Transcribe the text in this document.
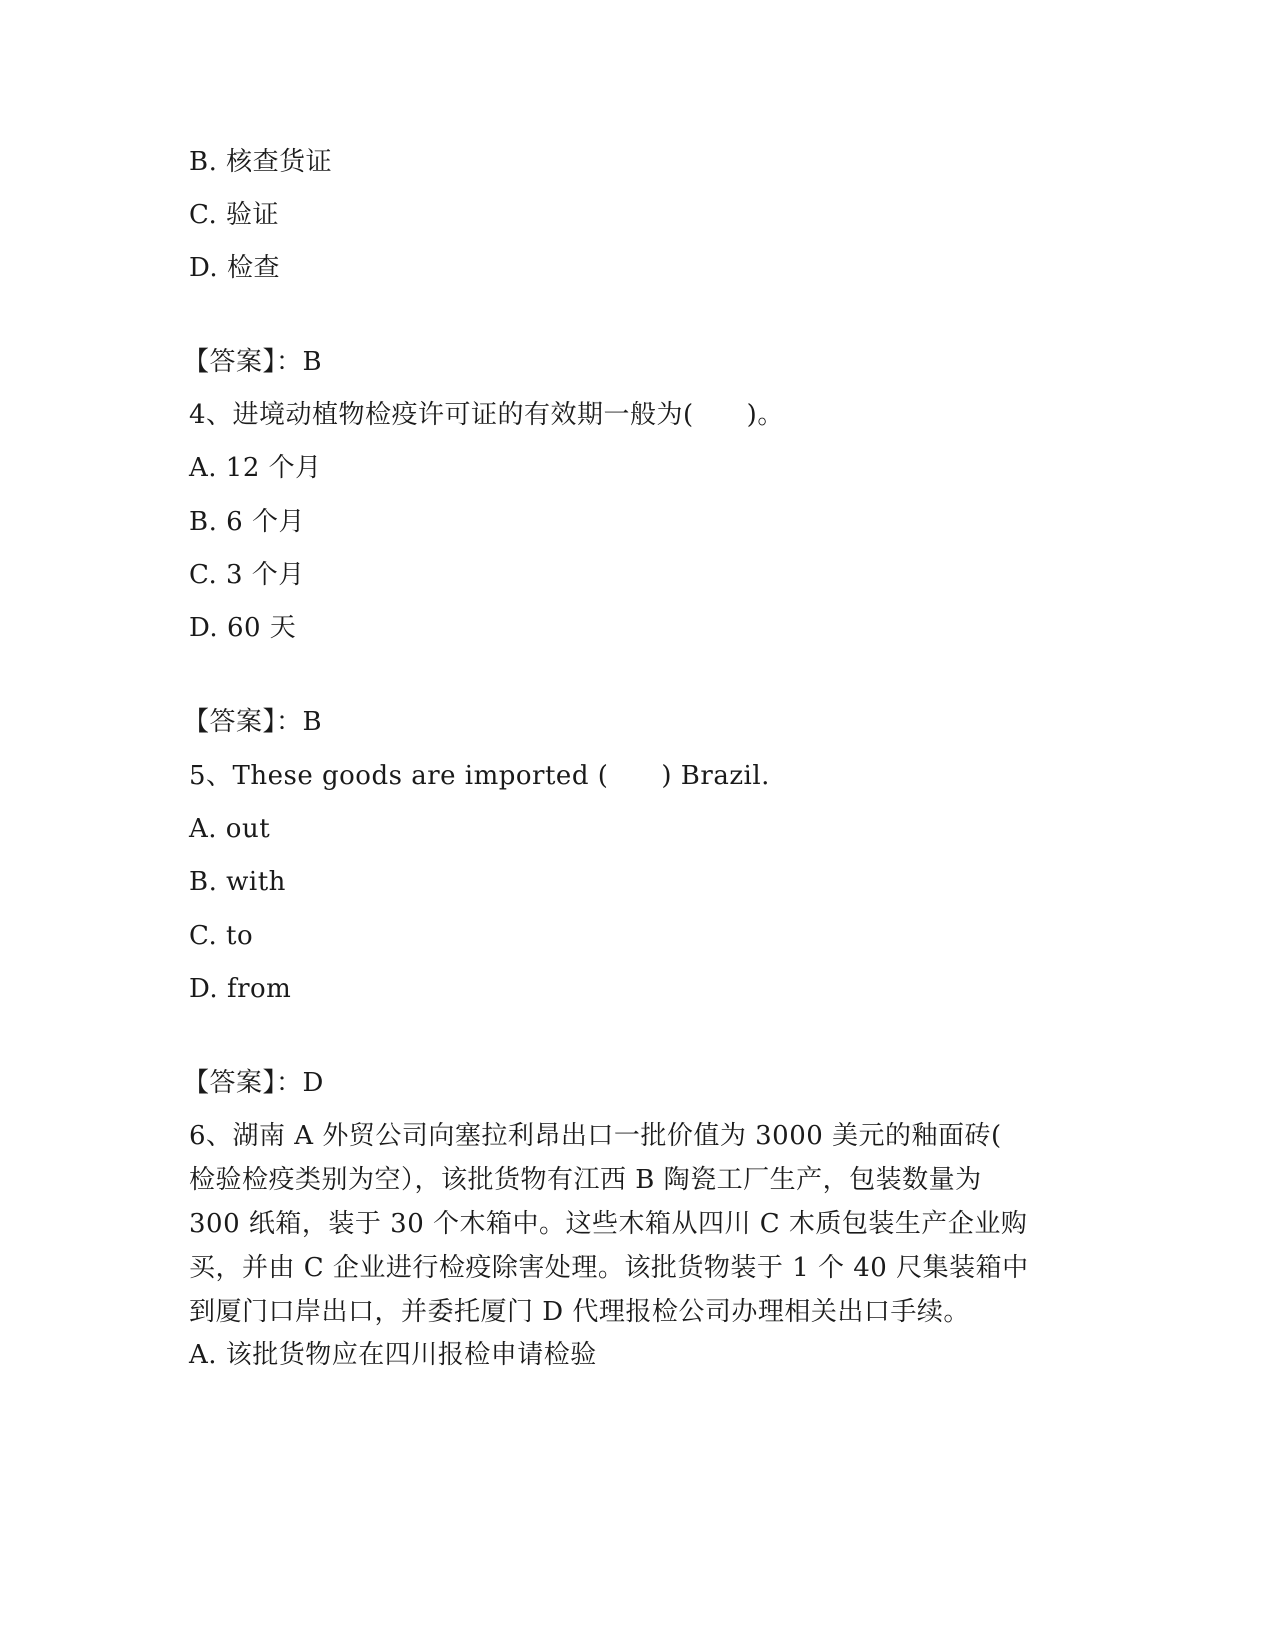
B. 核查货证
C. 验证
D. 检查
【答案】：B
4、进境动植物检疫许可证的有效期一般为(　　)。
A. 12 个月
B. 6 个月
C. 3 个月
D. 60 天
【答案】：B
5、These goods are imported (　　) Brazil.
A. out
B. with
C. to
D. from
【答案】：D
6、湖南 A 外贸公司向塞拉利昂出口一批价值为 3000 美元的釉面砖(
检验检疫类别为空），该批货物有江西 B 陶瓷工厂生产，包装数量为
300 纸箱，装于 30 个木箱中。这些木箱从四川 C 木质包装生产企业购
买，并由 C 企业进行检疫除害处理。该批货物装于 1 个 40 尺集装箱中
到厦门口岸出口，并委托厦门 D 代理报检公司办理相关出口手续。
A. 该批货物应在四川报检申请检验
